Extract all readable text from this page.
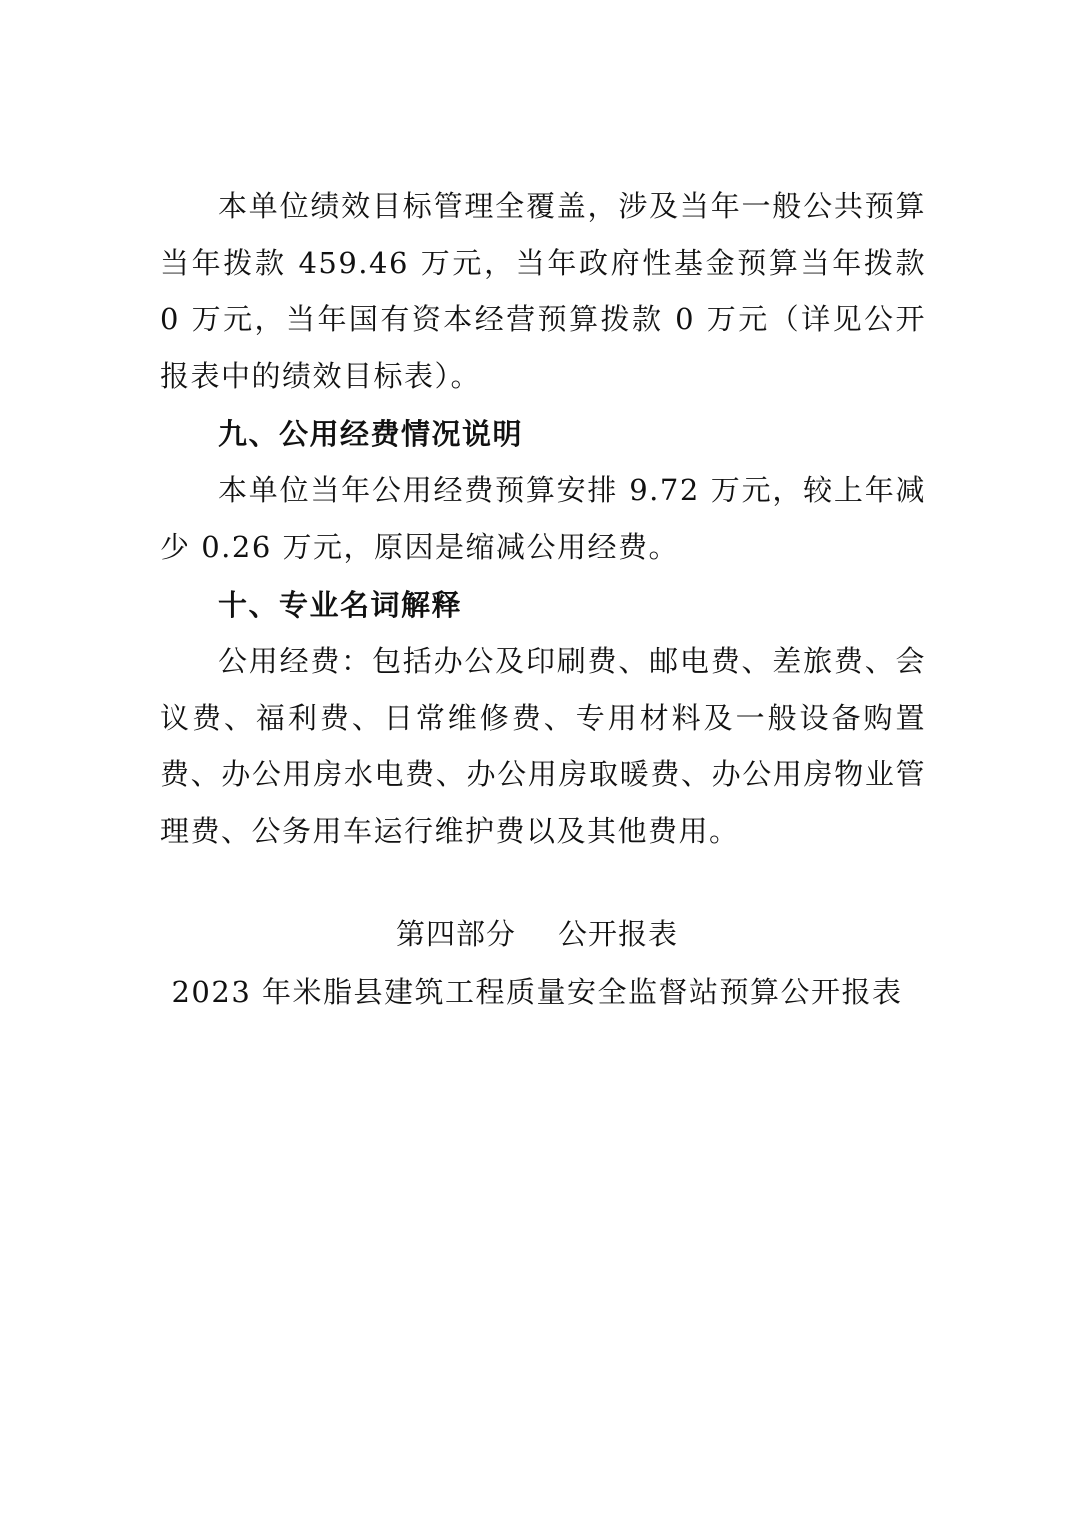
本单位绩效目标管理全覆盖，涉及当年一般公共预算当年拨款 459.46 万元，当年政府性基金预算当年拨款 0 万元，当年国有资本经营预算拨款 0 万元（详见公开报表中的绩效目标表）。

九、公用经费情况说明

本单位当年公用经费预算安排 9.72 万元，较上年减少 0.26 万元，原因是缩减公用经费。

十、专业名词解释

公用经费：包括办公及印刷费、邮电费、差旅费、会议费、福利费、日常维修费、专用材料及一般设备购置费、办公用房水电费、办公用房取暖费、办公用房物业管理费、公务用车运行维护费以及其他费用。

第四部分 公开报表
2023 年米脂县建筑工程质量安全监督站预算公开报表
